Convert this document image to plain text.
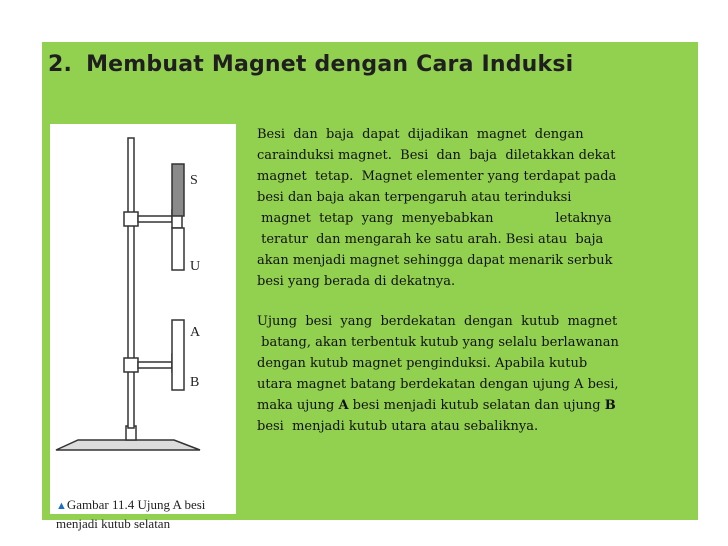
2. Membuat Magnet dengan Cara Induksi
S
U
A
B
▲Gambar 11.4 Ujung A besi
menjadi kutub selatan

Besi  dan  baja  dapat  dijadikan  magnet  dengan

carainduksi magnet.  Besi  dan  baja  diletakkan dekat

magnet  tetap.  Magnet elementer yang terdapat pada

besi dan baja akan terpengaruh atau terinduksi

magnet  tetap  yang  menyebabkan               letaknya

teratur  dan mengarah ke satu arah. Besi atau  baja

akan menjadi magnet sehingga dapat menarik serbuk

besi yang berada di dekatnya.

Ujung  besi  yang  berdekatan  dengan  kutub  magnet

batang, akan terbentuk kutub yang selalu berlawanan

dengan kutub magnet penginduksi. Apabila kutub

utara magnet batang berdekatan dengan ujung A besi,

maka ujung A besi menjadi kutub selatan dan ujung B

besi  menjadi kutub utara atau sebaliknya.
